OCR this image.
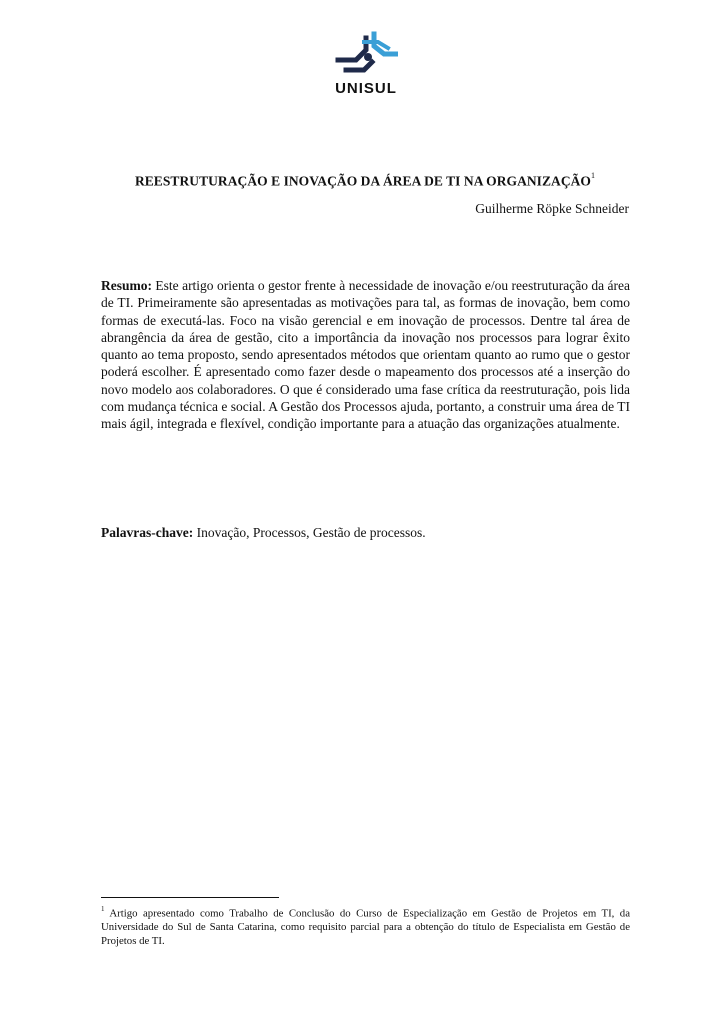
UNISUL
REESTRUTURAÇÃO E INOVAÇÃO DA ÁREA DE TI NA ORGANIZAÇÃO$^1$
Guilherme Röpke Schneider

Resumo: Este artigo orienta o gestor frente à necessidade de inovação e/ou reestruturação da área de TI. Primeiramente são apresentadas as motivações para tal, as formas de inovação, bem como formas de executá-las. Foco na visão gerencial e em inovação de processos. Dentre tal área de abrangência da área de gestão, cito a importância da inovação nos processos para lograr êxito quanto ao tema proposto, sendo apresentados métodos que orientam quanto ao rumo que o gestor poderá escolher. É apresentado como fazer desde o mapeamento dos processos até a inserção do novo modelo aos colaboradores. O que é considerado uma fase crítica da reestruturação, pois lida com mudança técnica e social. A Gestão dos Processos ajuda, portanto, a construir uma área de TI mais ágil, integrada e flexível, condição importante para a atuação das organizações atualmente.

Palavras-chave: Inovação, Processos, Gestão de processos.

$^1$ Artigo apresentado como Trabalho de Conclusão do Curso de Especialização em Gestão de Projetos em TI, da Universidade do Sul de Santa Catarina, como requisito parcial para a obtenção do título de Especialista em Gestão de Projetos de TI.
